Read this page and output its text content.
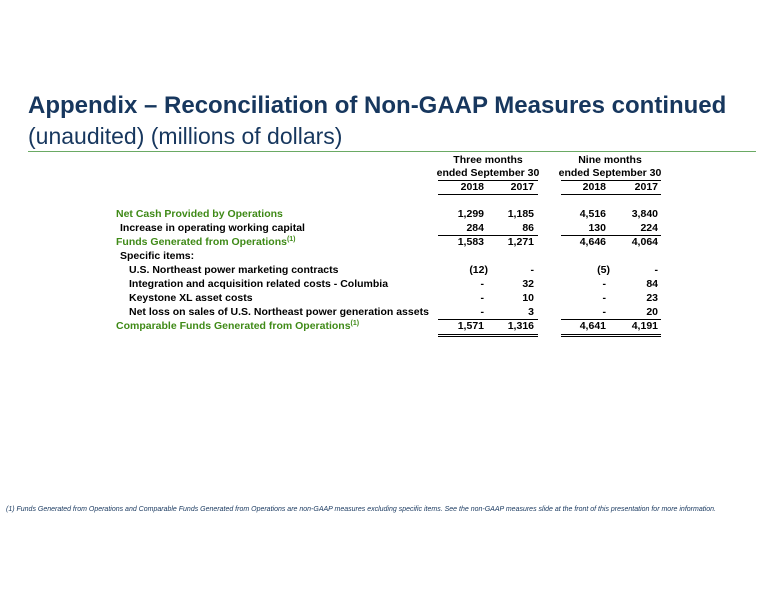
Appendix – Reconciliation of Non-GAAP Measures continued
(unaudited) (millions of dollars)
Three months
ended September 30
Nine months
ended September 30
2018	2017	2018	2017
Net Cash Provided by Operations	1,299	1,185	4,516	3,840
Increase in operating working capital	284	86	130	224
Funds Generated from Operations$^{(1)}$	1,583	1,271	4,646	4,064
Specific items:
U.S. Northeast power marketing contracts	(12)	-	(5)	-
Integration and acquisition related costs - Columbia	-	32	-	84
Keystone XL asset costs	-	10	-	23
Net loss on sales of U.S. Northeast power generation assets	-	3	-	20
Comparable Funds Generated from Operations$^{(1)}$	1,571	1,316	4,641	4,191
(1) Funds Generated from Operations and Comparable Funds Generated from Operations are non-GAAP measures excluding specific items. See the non-GAAP measures slide at the front of this presentation for more information.
